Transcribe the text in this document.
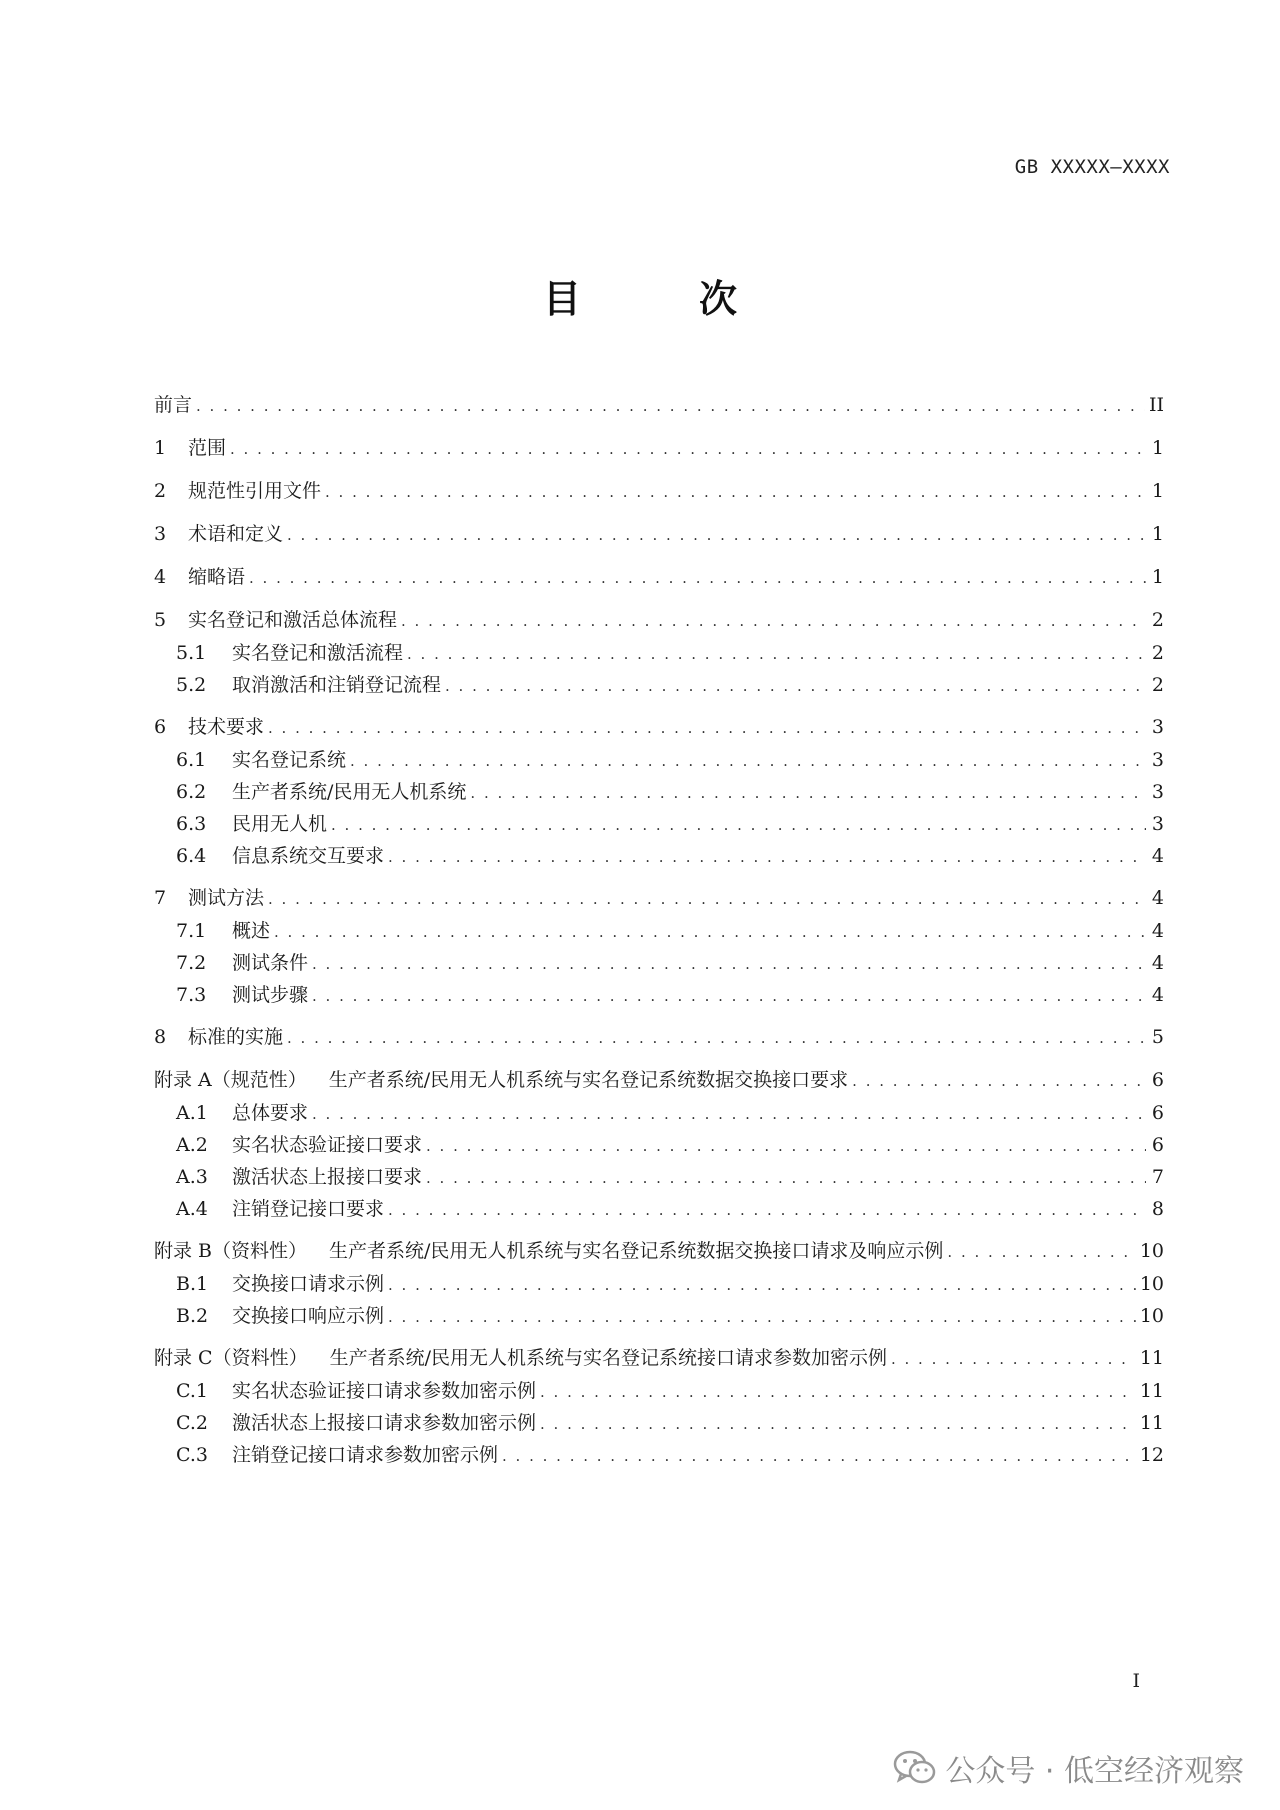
GB XXXXX—XXXX
目　次
前言 . . .	II
1 范围 . . .	1
2 规范性引用文件 . . .	1
3 术语和定义 . . .	1
4 缩略语 . . .	1
5 实名登记和激活总体流程 . . .	2
5.1 实名登记和激活流程 . . .	2
5.2 取消激活和注销登记流程 . . .	2
6 技术要求 . . .	3
6.1 实名登记系统 . . .	3
6.2 生产者系统/民用无人机系统 . . .	3
6.3 民用无人机 . . .	3
6.4 信息系统交互要求 . . .	4
7 测试方法 . . .	4
7.1 概述 . . .	4
7.2 测试条件 . . .	4
7.3 测试步骤 . . .	4
8 标准的实施 . . .	5
附录 A（规范性） 生产者系统/民用无人机系统与实名登记系统数据交换接口要求 . . .	6
A.1 总体要求 . . .	6
A.2 实名状态验证接口要求 . . .	6
A.3 激活状态上报接口要求 . . .	7
A.4 注销登记接口要求 . . .	8
附录 B（资料性） 生产者系统/民用无人机系统与实名登记系统数据交换接口请求及响应示例 . . .	10
B.1 交换接口请求示例 . . .	10
B.2 交换接口响应示例 . . .	10
附录 C（资料性） 生产者系统/民用无人机系统与实名登记系统接口请求参数加密示例 . . .	11
C.1 实名状态验证接口请求参数加密示例 . . .	11
C.2 激活状态上报接口请求参数加密示例 . . .	11
C.3 注销登记接口请求参数加密示例 . . .	12
I
公众号 · 低空经济观察
